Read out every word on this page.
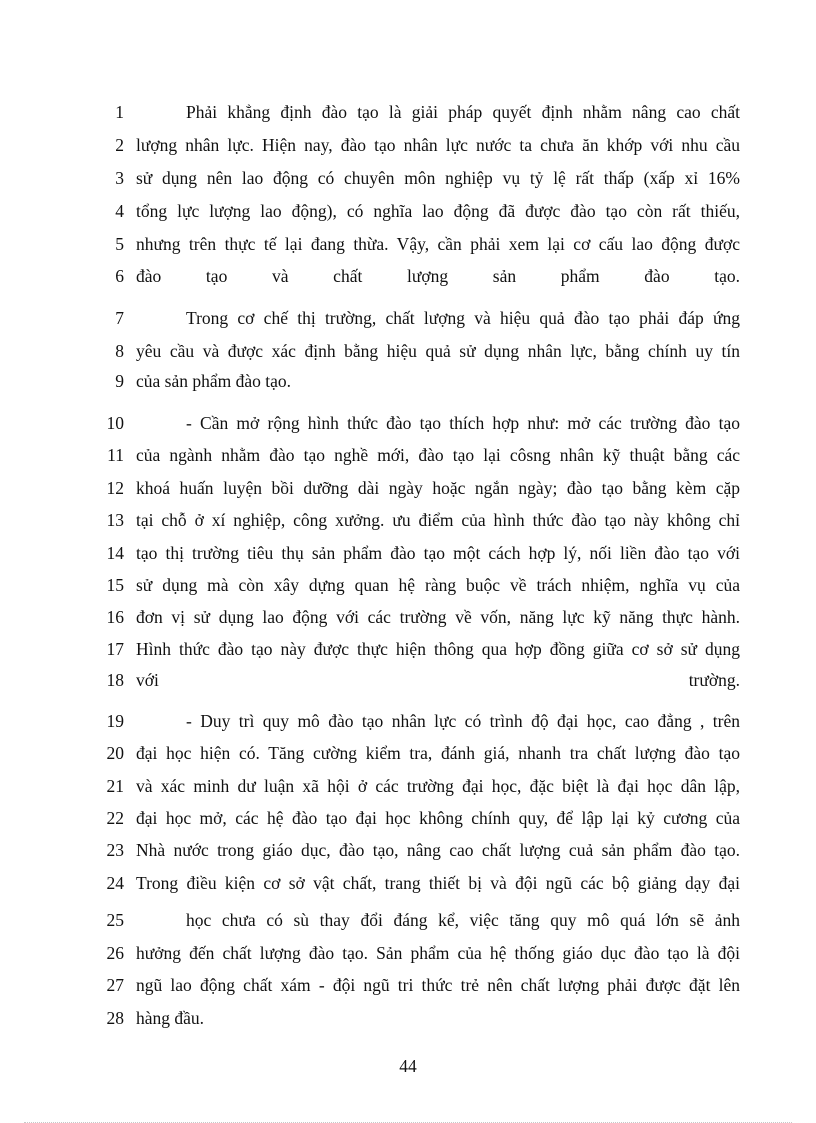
1	Phải khẳng định đào tạo là giải pháp quyết định nhằm nâng cao chất
2 lượng nhân lực. Hiện nay, đào tạo nhân lực nước ta chưa ăn khớp với nhu cầu
3 sử dụng nên lao động có chuyên môn nghiệp vụ tỷ lệ rất thấp (xấp xỉ 16%
4 tổng lực lượng lao động), có nghĩa lao động đã được đào tạo còn rất thiếu,
5 nhưng trên thực tế lại đang thừa. Vậy, cần phải xem lại cơ cấu lao động được
6 đào tạo và chất lượng sản phẩm đào tạo.
7	Trong cơ chế thị trường, chất lượng và hiệu quả đào tạo phải đáp ứng
8 yêu cầu và được xác định bằng hiệu quả sử dụng nhân lực, bằng chính uy tín
9 của sản phẩm đào tạo.
10	- Cần mở rộng hình thức đào tạo thích hợp như: mở các trường đào tạo
11 của ngành nhằm đào tạo nghề mới, đào tạo lại côsng nhân kỹ thuật bằng các
12 khoá huấn luyện bồi dưỡng dài ngày hoặc ngắn ngày; đào tạo bằng kèm cặp
13 tại chỗ ở xí nghiệp, công xưởng. ưu điểm của hình thức đào tạo này không chỉ
14 tạo thị trường tiêu thụ sản phẩm đào tạo một cách hợp lý, nối liền đào tạo với
15 sử dụng mà còn xây dựng quan hệ ràng buộc về trách nhiệm, nghĩa vụ của
16 đơn vị sử dụng lao động với các trường về vốn, năng lực kỹ năng thực hành.
17 Hình thức đào tạo này được thực hiện thông qua hợp đồng giữa cơ sở sử dụng
18 với trường.
19	- Duy trì quy mô đào tạo nhân lực có trình độ đại học, cao đẳng , trên
20 đại học hiện có. Tăng cường kiểm tra, đánh giá, nhanh tra chất lượng đào tạo
21 và xác minh dư luận xã hội ở các trường đại học, đặc biệt là đại học dân lập,
22 đại học mở, các hệ đào tạo đại học không chính quy, để lập lại kỷ cương của
23 Nhà nước trong giáo dục, đào tạo, nâng cao chất lượng cuả sản phẩm đào tạo.
24 Trong điều kiện cơ sở vật chất, trang thiết bị và đội ngũ các bộ giảng dạy đại
25	học chưa có sù thay đổi đáng kể, việc tăng quy mô quá lớn sẽ ảnh
26 hưởng đến chất lượng đào tạo. Sản phẩm của hệ thống giáo dục đào tạo là đội
27 ngũ lao động chất xám - đội ngũ tri thức trẻ nên chất lượng phải được đặt lên
28 hàng đầu.
44
